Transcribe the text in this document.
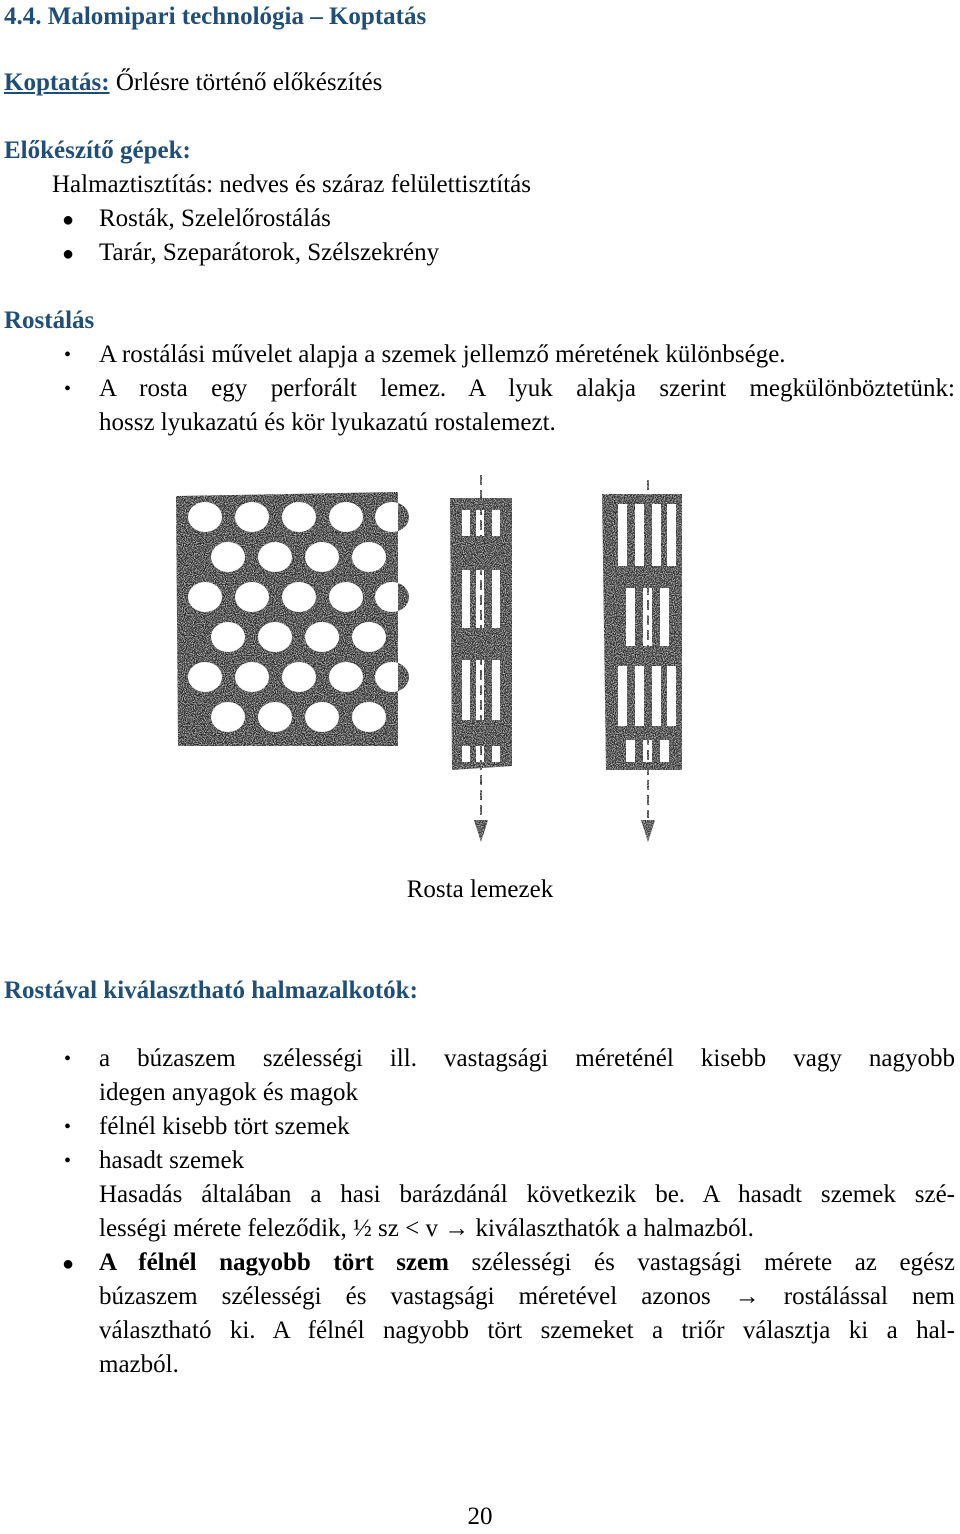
4.4. Malomipari technológia – Koptatás
Koptatás: Őrlésre történő előkészítés
Előkészítő gépek:
Halmaztisztítás: nedves és száraz felülettisztítás
● Rosták, Szelelőrostálás
● Tarár, Szeparátorok, Szélszekrény
Rostálás
• A rostálási művelet alapja a szemek jellemző méretének különbsége.
• A rosta egy perforált lemez. A lyuk alakja szerint megkülönböztetünk:
hossz lyukazatú és kör lyukazatú rostalemezt.
Rosta lemezek
Rostával kiválasztható halmazalkotók:
• a búzaszem szélességi ill. vastagsági méreténél kisebb vagy nagyobb
idegen anyagok és magok
• félnél kisebb tört szemek
• hasadt szemek
Hasadás általában a hasi barázdánál következik be. A hasadt szemek szé-
lességi mérete feleződik, ½ sz < v → kiválaszthatók a halmazból.
● A félnél nagyobb tört szem szélességi és vastagsági mérete az egész
búzaszem szélességi és vastagsági méretével azonos → rostálással nem
választható ki. A félnél nagyobb tört szemeket a triőr választja ki a hal-
mazból.
20
